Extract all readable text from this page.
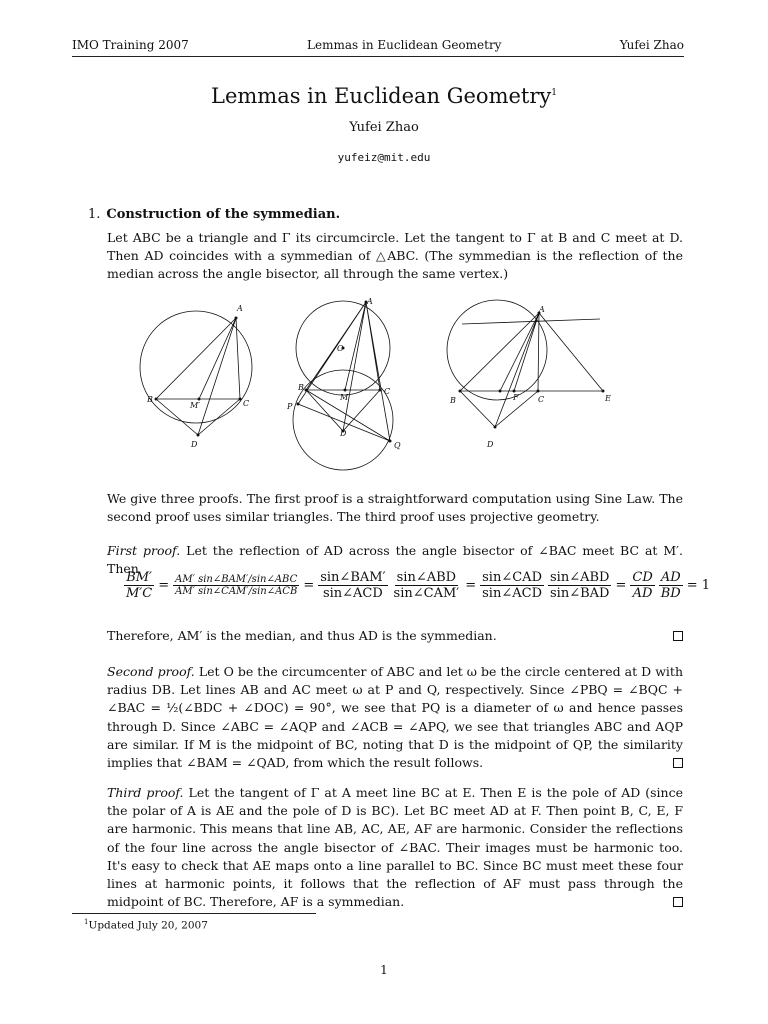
IMO Training 2007	Lemmas in Euclidean Geometry	Yufei Zhao
Lemmas in Euclidean Geometry$^1$
Yufei Zhao
yufeiz@mit.edu
1. Construction of the symmedian.

Let ABC be a triangle and Γ its circumcircle. Let the tangent to Γ at B and C meet at D. Then AD coincides with a symmedian of △ABC. (The symmedian is the reflection of the median across the angle bisector, all through the same vertex.)

A
B
M′	C
D
A
O
B
M
C
P
D
Q
A
B	F C	E
D

We give three proofs. The first proof is a straightforward computation using Sine Law. The second proof uses similar triangles. The third proof uses projective geometry.

First proof. Let the reflection of AD across the angle bisector of ∠BAC meet BC at M′. Then

$\frac{BM'}{M'C} = AM'$ sin∠BAM′/sin∠ABC
AM′ sin∠CAM′/sin∠ACB =
sin∠BAM′
sin∠ACD
sin∠ABD
sin∠CAM′
=
sin∠CAD
sin∠ACD
sin∠ABD
sin∠BAD
= $\frac{CD}{AD} \frac{AD}{BD} = 1$

Therefore, AM′ is the median, and thus AD is the symmedian.

Second proof. Let O be the circumcenter of ABC and let ω be the circle centered at D with radius DB. Let lines AB and AC meet ω at P and Q, respectively. Since ∠PBQ = ∠BQC + ∠BAC = ½(∠BDC + ∠DOC) = 90°, we see that PQ is a diameter of ω and hence passes through D. Since ∠ABC = ∠AQP and ∠ACB = ∠APQ, we see that triangles ABC and AQP are similar. If M is the midpoint of BC, noting that D is the midpoint of QP, the similarity implies that ∠BAM = ∠QAD, from which the result follows.

Third proof. Let the tangent of Γ at A meet line BC at E. Then E is the pole of AD (since the polar of A is AE and the pole of D is BC). Let BC meet AD at F. Then point B, C, E, F are harmonic. This means that line AB, AC, AE, AF are harmonic. Consider the reflections of the four line across the angle bisector of ∠BAC. Their images must be harmonic too. It's easy to check that AE maps onto a line parallel to BC. Since BC must meet these four lines at harmonic points, it follows that the reflection of AF must pass through the midpoint of BC. Therefore, AF is a symmedian.

$^1$Updated July 20, 2007
1
